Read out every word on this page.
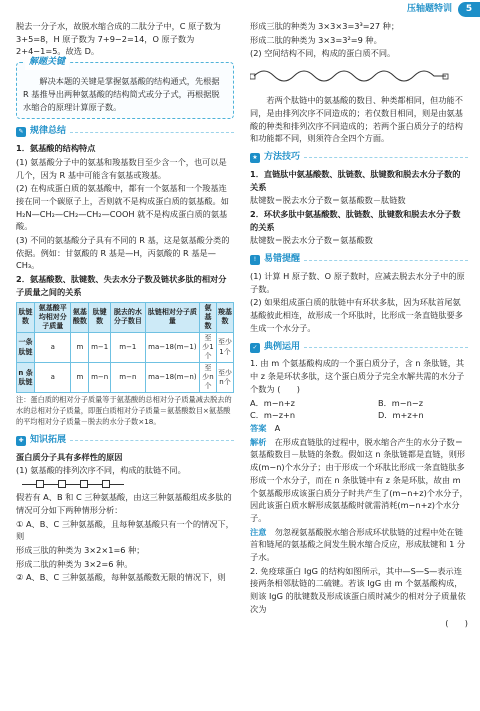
压轴题特训	5

脱去一分子水，故脱水缩合成的二肽分子中，C 原子数为 3+5=8，H 原子数为 7+9−2=14，O 原子数为 2+4−1=5。故选 D。

解题关键

解决本题的关键是掌握氨基酸的结构通式，先根据 R 基推导出两种氨基酸的结构简式或分子式，再根据脱水缩合的原理计算原子数。

✎ 规律总结

1．氨基酸的结构特点

(1) 氨基酸分子中的氨基和羧基数目至少含一个，也可以是几个，因为 R 基中可能含有氨基或羧基。

(2) 在构成蛋白质的氨基酸中，都有一个氨基和一个羧基连接在同一个碳原子上，否则就不是构成蛋白质的氨基酸。如 H₂N—CH₂—CH₂—CH₂—COOH 就不是构成蛋白质的氨基酸。

(3) 不同的氨基酸分子具有不同的 R 基，这是氨基酸分类的依据。例如：甘氨酸的 R 基是—H，丙氨酸的 R 基是—CH₃。

2．氨基酸数、肽键数、失去水分子数及链状多肽的相对分子质量之间的关系

肽链数	氨基酸平均相对分子质量	氨基酸数	肽键数	脱去的水分子数目	肽链相对分子质量	氨基数	羧基数
一条肽链	a	m	m−1	m−1	ma−18(m−1)	至少1个	至少1个
n 条肽链	a	m	m−n	m−n	ma−18(m−n)	至少n个	至少n个

注：蛋白质的相对分子质量等于氨基酸的总相对分子质量减去脱去的水的总相对分子质量，即蛋白质相对分子质量＝氨基酸数目×氨基酸的平均相对分子质量－脱去的水分子数×18。

✚ 知识拓展

蛋白质分子具有多样性的原因

(1) 氨基酸的排列次序不同，构成的肽链不同。

假若有 A、B 和 C 三种氨基酸，由这三种氨基酸组成多肽的情况可分如下两种情形分析：

① A、B、C 三种氨基酸，且每种氨基酸只有一个的情况下，则

形成三肽的种类为 3×2×1=6 种；

形成二肽的种类为 3×2=6 种。

② A、B、C 三种氨基酸，每种氨基酸数无限的情况下，则

形成三肽的种类为 3×3×3=3³=27 种；

形成二肽的种类为 3×3=3²=9 种。

(2) 空间结构不同，构成的蛋白质不同。

若两个肽链中的氨基酸的数目、种类都相同，但功能不同，是由排列次序不同造成的；若仅数目相同，则是由氨基酸的种类和排列次序不同造成的；若两个蛋白质分子的结构和功能都不同，则须符合全四个方面。

★ 方法技巧

1．直链肽中氨基酸数、肽链数、肽键数和脱去水分子数的关系

肽键数＝脱去水分子数＝氨基酸数－肽链数

2．环状多肽中氨基酸数、肽链数、肽键数和脱去水分子数的关系

肽键数＝脱去水分子数＝氨基酸数

! 易错提醒

(1) 计算 H 原子数、O 原子数时，应减去脱去水分子中的原子数。

(2) 如果组成蛋白质的肽链中有环状多肽，因为环肽首尾氨基酸彼此相连，故形成一个环肽时，比形成一条直链肽要多生成一个水分子。

✓ 典例运用

1. 由 m 个氨基酸构成的一个蛋白质分子，含 n 条肽链，其中 z 条是环状多肽，这个蛋白质分子完全水解共需的水分子个数为 (　　)

A．m−n+z	B．m−n−z
C．m−z+n	D．m+z+n

答案　 A

解析　 在形成直链肽的过程中，脱水缩合产生的水分子数＝氨基酸数目－肽链的条数。假如这 n 条肽链都是直链，则形成(m−n)个水分子；由于形成一个环肽比形成一条直链肽多形成一个水分子，而在 n 条肽链中有 z 条是环肽，故由 m 个氨基酸形成该蛋白质分子时共产生了(m−n+z)个水分子，因此该蛋白质水解形成氨基酸时就需消耗(m−n+z)个水分子。

注意　 勿忽视氨基酸脱水缩合形成环状肽链的过程中处在链首和链尾的氨基酸之间发生脱水缩合反应，形成肽键和 1 分子水。

2. 免疫球蛋白 IgG 的结构如图所示，其中—S—S—表示连接两条相邻肽链的二硫键。若该 IgG 由 m 个氨基酸构成，则该 IgG 的肽键数及形成该蛋白质时减少的相对分子质量依次为

(　　)
